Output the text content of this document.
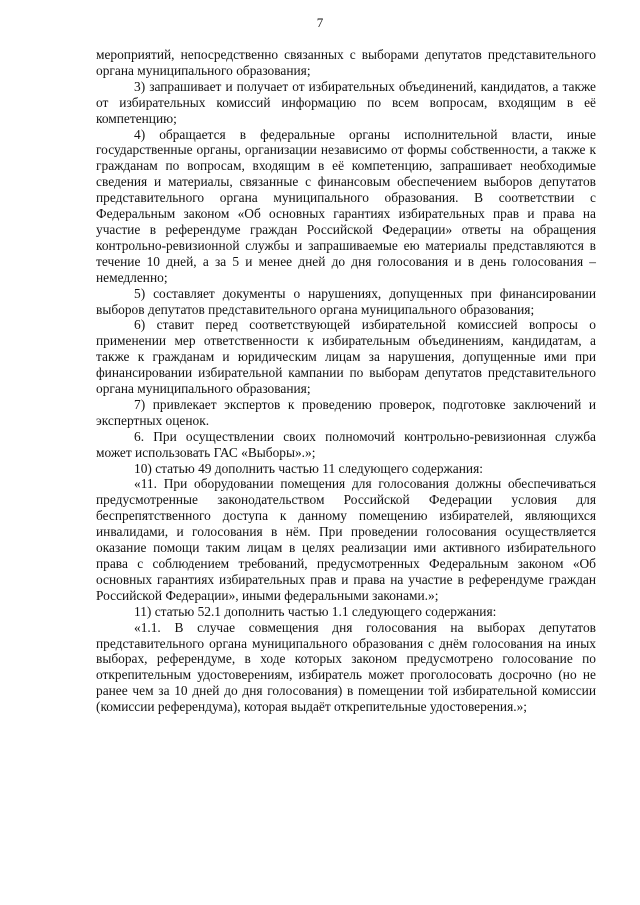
7

мероприятий, непосредственно связанных с выборами депутатов представительного органа муниципального образования;

3) запрашивает и получает от избирательных объединений, кандидатов, а также от избирательных комиссий информацию по всем вопросам, входящим в её компетенцию;

4) обращается в федеральные органы исполнительной власти, иные государственные органы, организации независимо от формы собственности, а также к гражданам по вопросам, входящим в её компетенцию, запрашивает необходимые сведения и материалы, связанные с финансовым обеспечением выборов депутатов представительного органа муниципального образования. В соответствии с Федеральным законом «Об основных гарантиях избирательных прав и права на участие в референдуме граждан Российской Федерации» ответы на обращения контрольно-ревизионной службы и запрашиваемые ею материалы представляются в течение 10 дней, а за 5 и менее дней до дня голосования и в день голосования – немедленно;

5) составляет документы о нарушениях, допущенных при финансировании выборов депутатов представительного органа муниципального образования;

6) ставит перед соответствующей избирательной комиссией вопросы о применении мер ответственности к избирательным объединениям, кандидатам, а также к гражданам и юридическим лицам за нарушения, допущенные ими при финансировании избирательной кампании по выборам депутатов представительного органа муниципального образования;

7) привлекает экспертов к проведению проверок, подготовке заключений и экспертных оценок.

6. При осуществлении своих полномочий контрольно-ревизионная служба может использовать ГАС «Выборы».»;

10) статью 49 дополнить частью 11 следующего содержания:

«11. При оборудовании помещения для голосования должны обеспечиваться предусмотренные законодательством Российской Федерации условия для беспрепятственного доступа к данному помещению избирателей, являющихся инвалидами, и голосования в нём. При проведении голосования осуществляется оказание помощи таким лицам в целях реализации ими активного избирательного права с соблюдением требований, предусмотренных Федеральным законом «Об основных гарантиях избирательных прав и права на участие в референдуме граждан Российской Федерации», иными федеральными законами.»;

11) статью 52.1 дополнить частью 1.1 следующего содержания:

«1.1. В случае совмещения дня голосования на выборах депутатов представительного органа муниципального образования с днём голосования на иных выборах, референдуме, в ходе которых законом предусмотрено голосование по открепительным удостоверениям, избиратель может проголосовать досрочно (но не ранее чем за 10 дней до дня голосования) в помещении той избирательной комиссии (комиссии референдума), которая выдаёт открепительные удостоверения.»;
